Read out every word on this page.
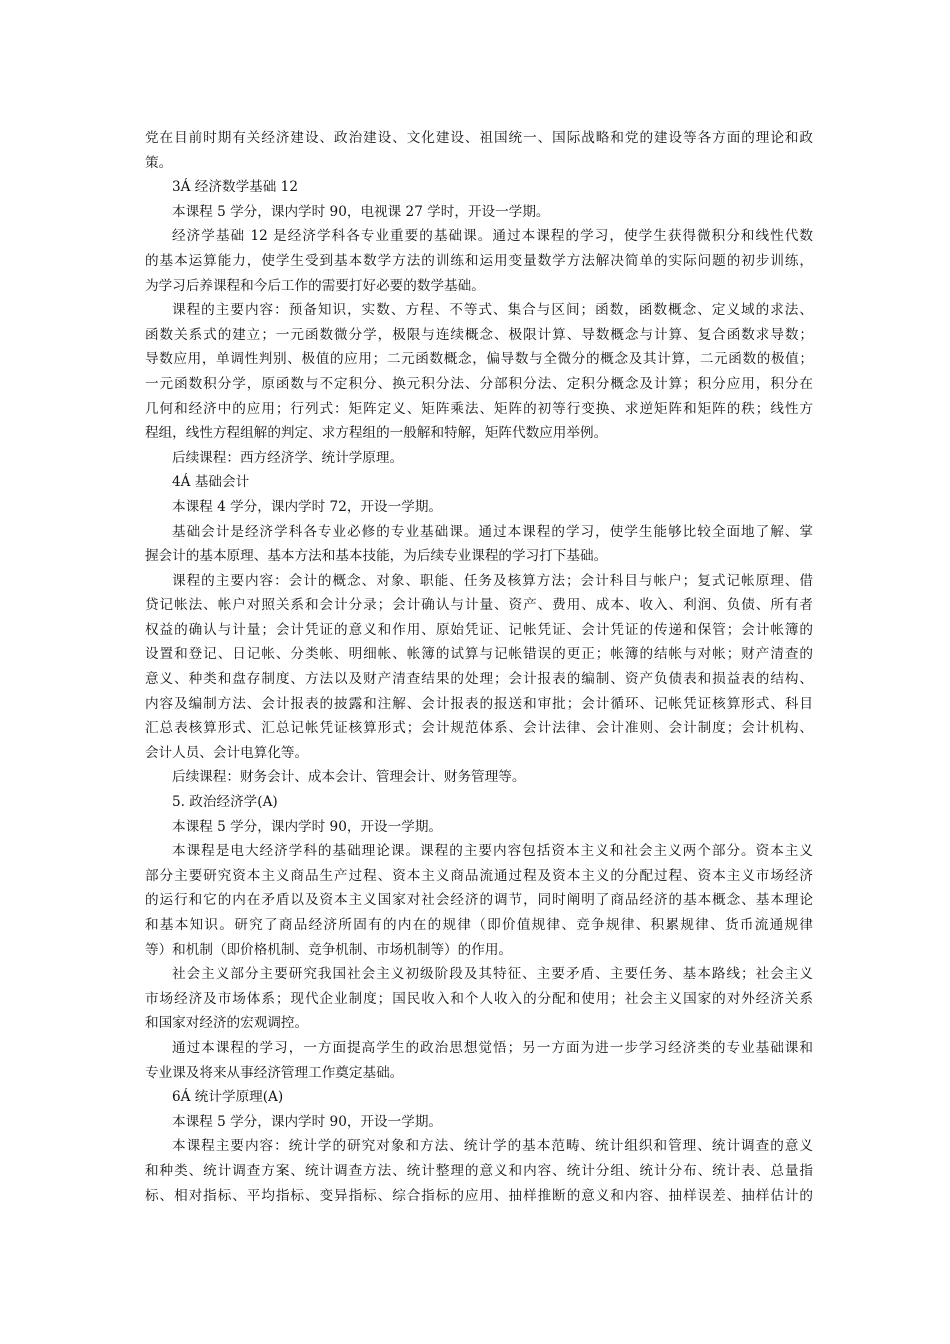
党在目前时期有关经济建设、政治建设、文化建设、祖国统一、国际战略和党的建设等各方面的理论和政
策。
3Á 经济数学基础 12
本课程 5 学分，课内学时 90，电视课 27 学时，开设一学期。
经济学基础 12 是经济学科各专业重要的基础课。通过本课程的学习，使学生获得微积分和线性代数
的基本运算能力，使学生受到基本数学方法的训练和运用变量数学方法解决简单的实际问题的初步训练，
为学习后养课程和今后工作的需要打好必要的数学基础。
课程的主要内容：预备知识，实数、方程、不等式、集合与区间；函数，函数概念、定义域的求法、
函数关系式的建立；一元函数微分学，极限与连续概念、极限计算、导数概念与计算、复合函数求导数；
导数应用，单调性判别、极值的应用；二元函数概念，偏导数与全微分的概念及其计算，二元函数的极值；
一元函数积分学，原函数与不定积分、换元积分法、分部积分法、定积分概念及计算；积分应用，积分在
几何和经济中的应用；行列式：矩阵定义、矩阵乘法、矩阵的初等行变换、求逆矩阵和矩阵的秩；线性方
程组，线性方程组解的判定、求方程组的一般解和特解，矩阵代数应用举例。
后续课程：西方经济学、统计学原理。
4Á 基础会计
本课程 4 学分，课内学时 72，开设一学期。
基础会计是经济学科各专业必修的专业基础课。通过本课程的学习，使学生能够比较全面地了解、掌
握会计的基本原理、基本方法和基本技能，为后续专业课程的学习打下基础。
课程的主要内容：会计的概念、对象、职能、任务及核算方法；会计科目与帐户；复式记帐原理、借
贷记帐法、帐户对照关系和会计分录；会计确认与计量、资产、费用、成本、收入、利润、负债、所有者
权益的确认与计量；会计凭证的意义和作用、原始凭证、记帐凭证、会计凭证的传递和保管；会计帐簿的
设置和登记、日记帐、分类帐、明细帐、帐簿的试算与记帐错误的更正；帐簿的结帐与对帐；财产清查的
意义、种类和盘存制度、方法以及财产清查结果的处理；会计报表的编制、资产负债表和损益表的结构、
内容及编制方法、会计报表的披露和注解、会计报表的报送和审批；会计循环、记帐凭证核算形式、科目
汇总表核算形式、汇总记帐凭证核算形式；会计规范体系、会计法律、会计准则、会计制度；会计机构、
会计人员、会计电算化等。
后续课程：财务会计、成本会计、管理会计、财务管理等。
5. 政治经济学(A)
本课程 5 学分，课内学时 90，开设一学期。
本课程是电大经济学科的基础理论课。课程的主要内容包括资本主义和社会主义两个部分。资本主义
部分主要研究资本主义商品生产过程、资本主义商品流通过程及资本主义的分配过程、资本主义市场经济
的运行和它的内在矛盾以及资本主义国家对社会经济的调节，同时阐明了商品经济的基本概念、基本理论
和基本知识。研究了商品经济所固有的内在的规律（即价值规律、竞争规律、积累规律、货币流通规律
等）和机制（即价格机制、竞争机制、市场机制等）的作用。
社会主义部分主要研究我国社会主义初级阶段及其特征、主要矛盾、主要任务、基本路线；社会主义
市场经济及市场体系；现代企业制度；国民收入和个人收入的分配和使用；社会主义国家的对外经济关系
和国家对经济的宏观调控。
通过本课程的学习，一方面提高学生的政治思想觉悟；另一方面为进一步学习经济类的专业基础课和
专业课及将来从事经济管理工作奠定基础。
6Á 统计学原理(A)
本课程 5 学分，课内学时 90，开设一学期。
本课程主要内容：统计学的研究对象和方法、统计学的基本范畴、统计组织和管理、统计调查的意义
和种类、统计调查方案、统计调查方法、统计整理的意义和内容、统计分组、统计分布、统计表、总量指
标、相对指标、平均指标、变异指标、综合指标的应用、抽样推断的意义和内容、抽样误差、抽样估计的
